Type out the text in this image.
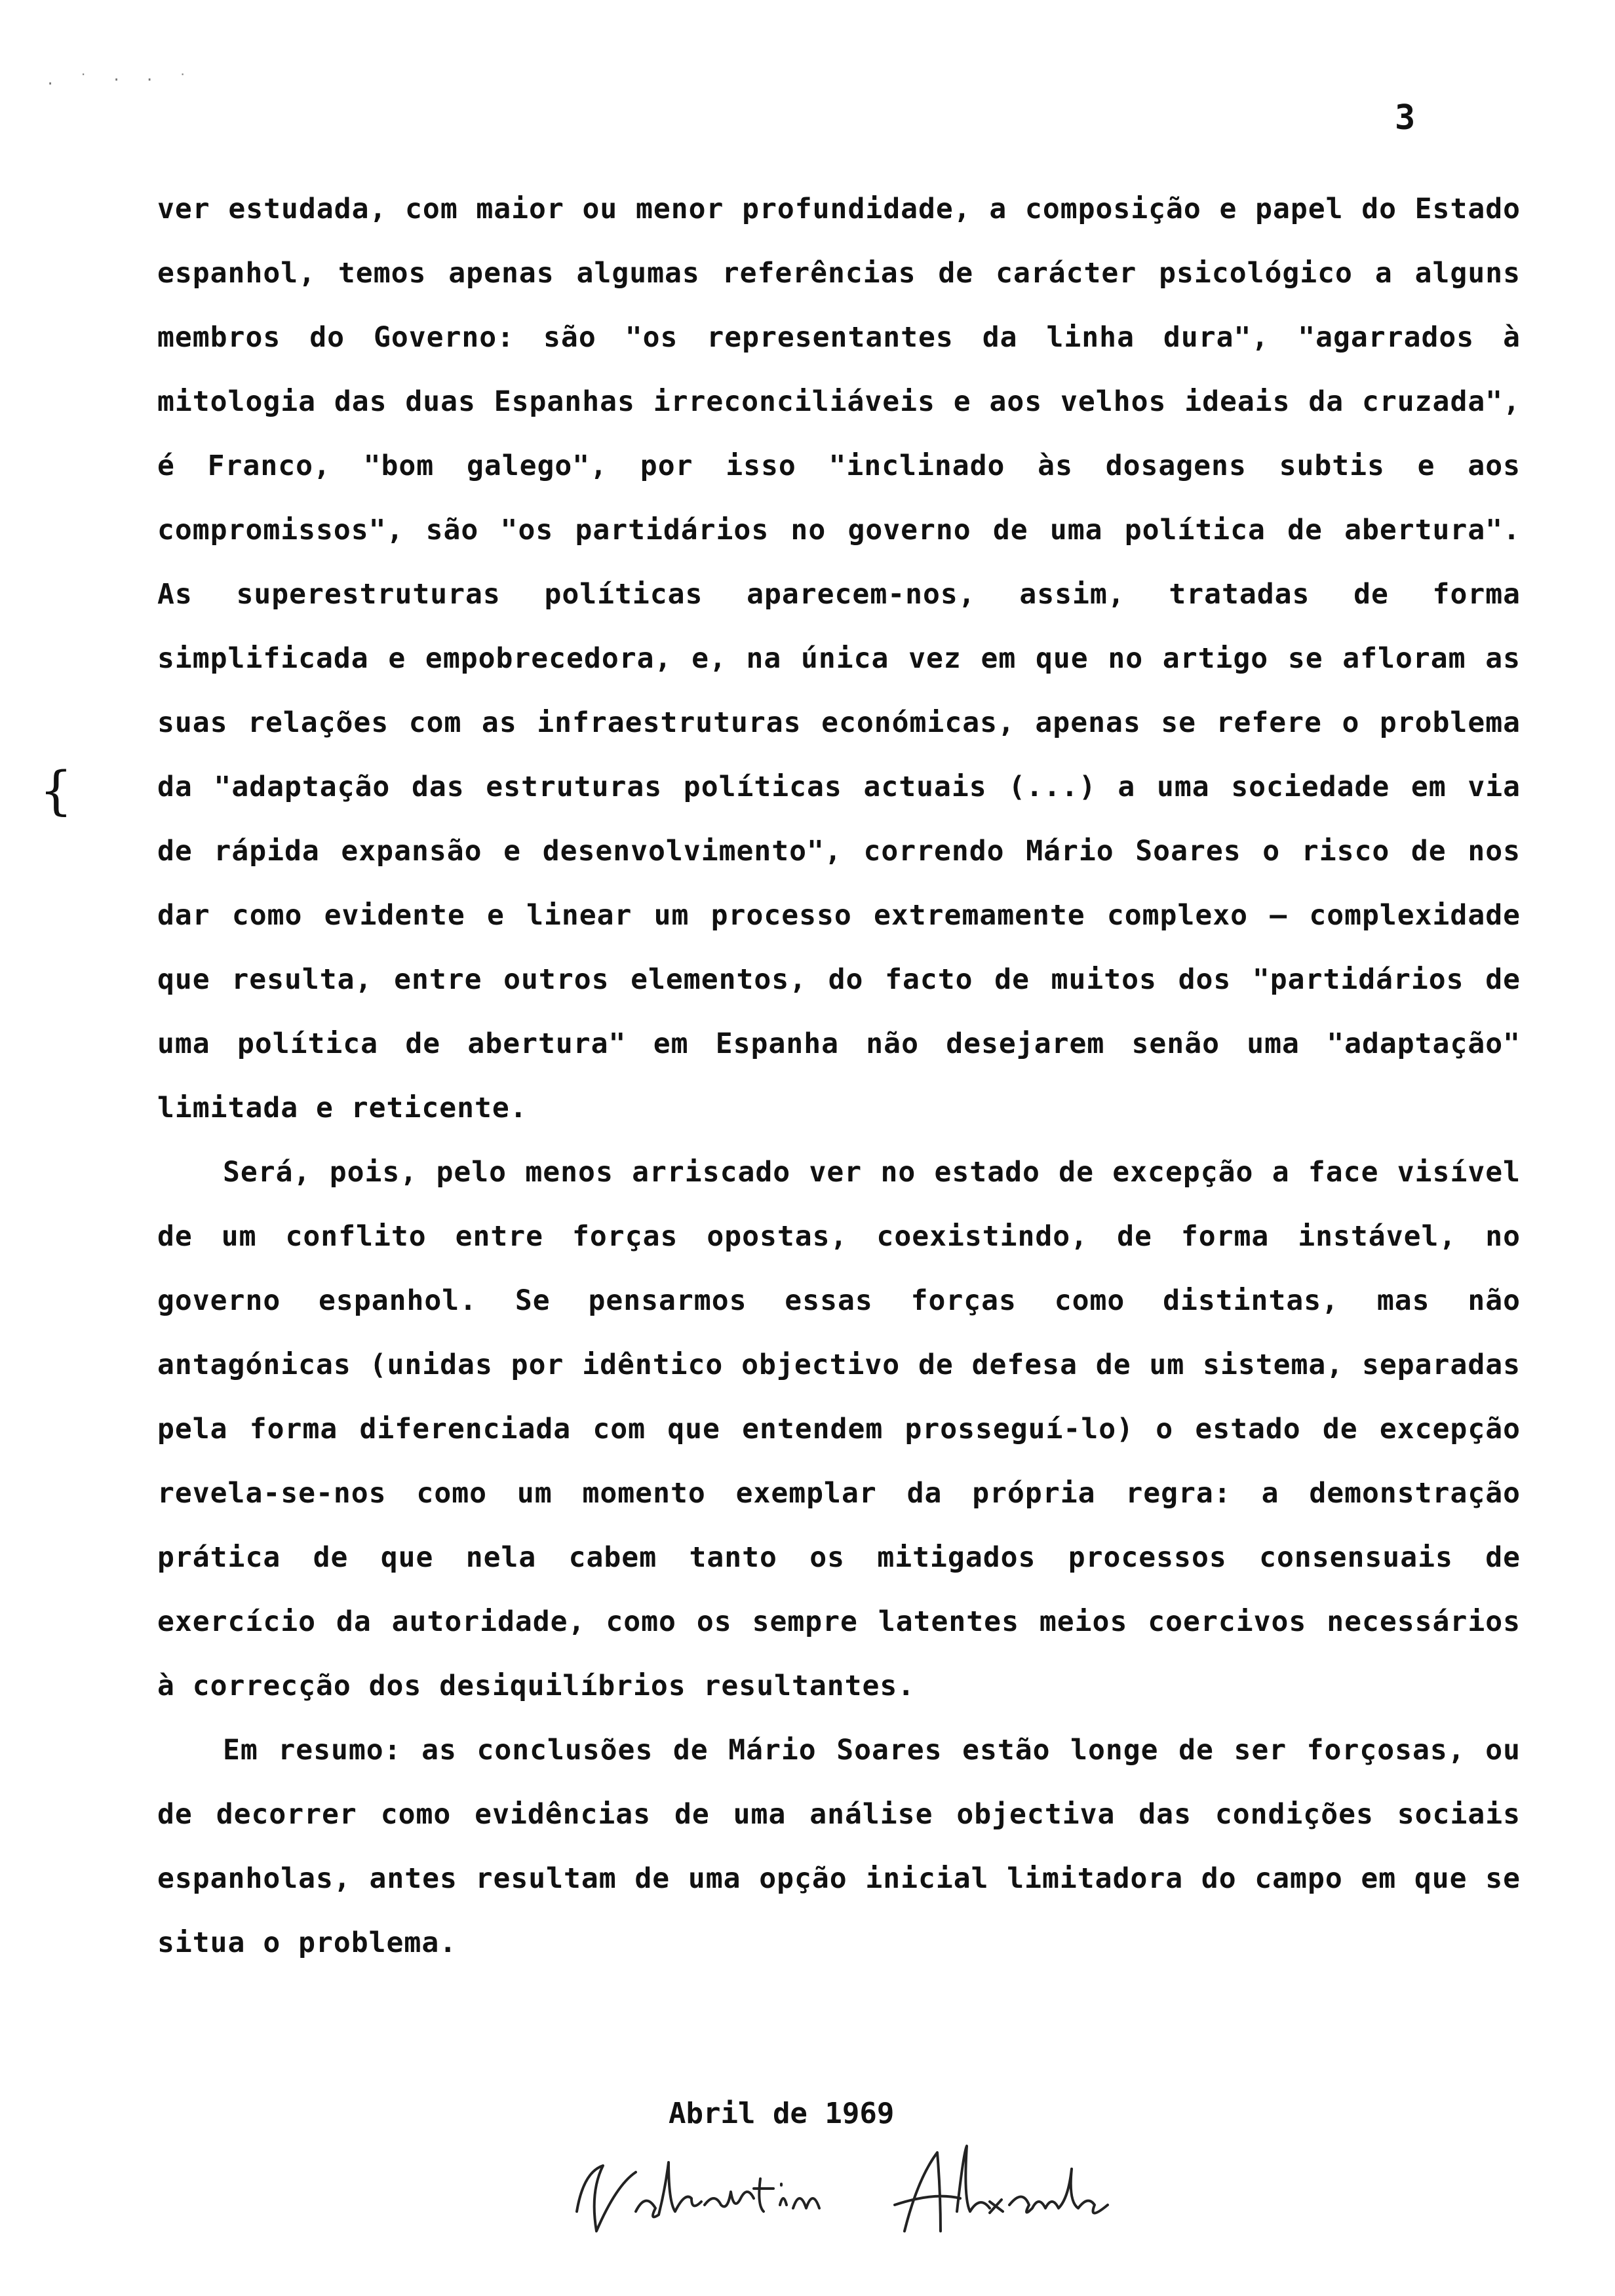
. ˙ · · ˙
3
{

ver estudada, com maior ou menor profundidade, a composição e papel do Estado espanhol, temos apenas algumas referências de carácter psicológico a alguns membros do Governo: são "os representantes da linha dura", "agarrados à mitologia das duas Espanhas irreconciliáveis e aos velhos ideais da cruzada", é Franco, "bom galego", por isso "inclinado às dosagens subtis e aos compromissos", são "os partidários no governo de uma política de abertura". As superestruturas políticas aparecem-nos, assim, tratadas de forma simplificada e empobrecedora, e, na única vez em que no artigo se afloram as suas relações com as infraestruturas económicas, apenas se refere o problema da "adaptação das estruturas políticas actuais (...) a uma sociedade em via de rápida expansão e desenvolvimento", correndo Mário Soares o risco de nos dar como evidente e linear um processo extremamente complexo — complexidade que resulta, entre outros elementos, do facto de muitos dos "partidários de uma política de abertura" em Espanha não desejarem senão uma "adaptação" limitada e reticente.

Será, pois, pelo menos arriscado ver no estado de excepção a face visível de um conflito entre forças opostas, coexistindo, de forma instável, no governo espanhol. Se pensarmos essas forças como distintas, mas não antagónicas (unidas por idêntico objectivo de defesa de um sistema, separadas pela forma diferenciada com que entendem prosseguí-lo) o estado de excepção revela-se-nos como um momento exemplar da própria regra: a demonstração prática de que nela cabem tanto os mitigados processos consensuais de exercício da autoridade, como os sempre latentes meios coercivos necessários à correcção dos desiquilíbrios resultantes.

Em resumo: as conclusões de Mário Soares estão longe de ser forçosas, ou de decorrer como evidências de uma análise objectiva das condições sociais espanholas, antes resultam de uma opção inicial limitadora do campo em que se situa o problema.

Abril de 1969
